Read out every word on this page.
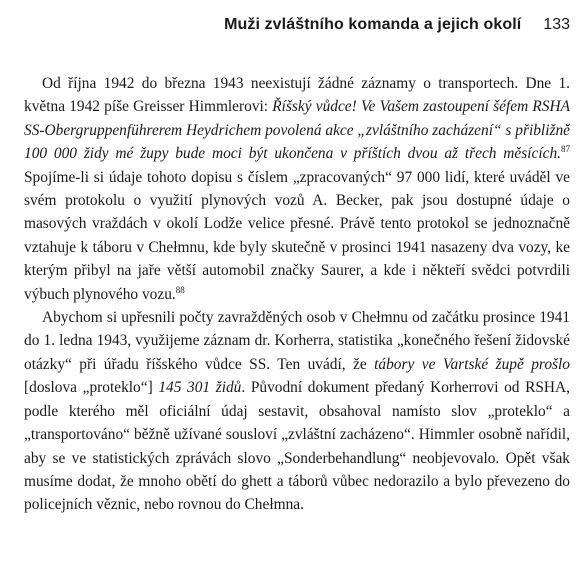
Muži zvláštního komanda a jejich okolí 133

Od října 1942 do března 1943 neexistují žádné záznamy o transportech. Dne 1. května 1942 píše Greisser Himmlerovi: Říšský vůdce! Ve Vašem zastoupení šéfem RSHA SS-Obergruppenführerem Heydrichem povolená akce „zvláštního zacházení“ s přibližně 100 000 židy mé župy bude moci být ukončena v příštích dvou až třech měsících.$^{87}$ Spojíme-li si údaje tohoto dopisu s číslem „zpracovaných“ 97 000 lidí, které uváděl ve svém protokolu o využití plynových vozů A. Becker, pak jsou dostupné údaje o masových vraždách v okolí Lodže velice přesné. Právě tento protokol se jednoznačně vztahuje k táboru v Chełmnu, kde byly skutečně v prosinci 1941 nasazeny dva vozy, ke kterým přibyl na jaře větší automobil značky Saurer, a kde i někteří svědci potvrdili výbuch plynového vozu.$^{88}$

Abychom si upřesnili počty zavražděných osob v Chełmnu od začátku prosince 1941 do 1. ledna 1943, využijeme záznam dr. Korherra, statistika „konečného řešení židovské otázky“ při úřadu říšského vůdce SS. Ten uvádí, že tábory ve Vartské župě prošlo [doslova „proteklo“] 145 301 židů. Původní dokument předaný Korherrovi od RSHA, podle kterého měl oficiální údaj sestavit, obsahoval namísto slov „proteklo“ a „transportováno“ běžně užívané sousloví „zvláštní zacházeno“. Himmler osobně nařídil, aby se ve statistických zprávách slovo „Sonderbehandlung“ neobjevovalo. Opět však musíme dodat, že mnoho obětí do ghett a táborů vůbec nedorazilo a bylo převezeno do policejních věznic, nebo rovnou do Chełmna.
